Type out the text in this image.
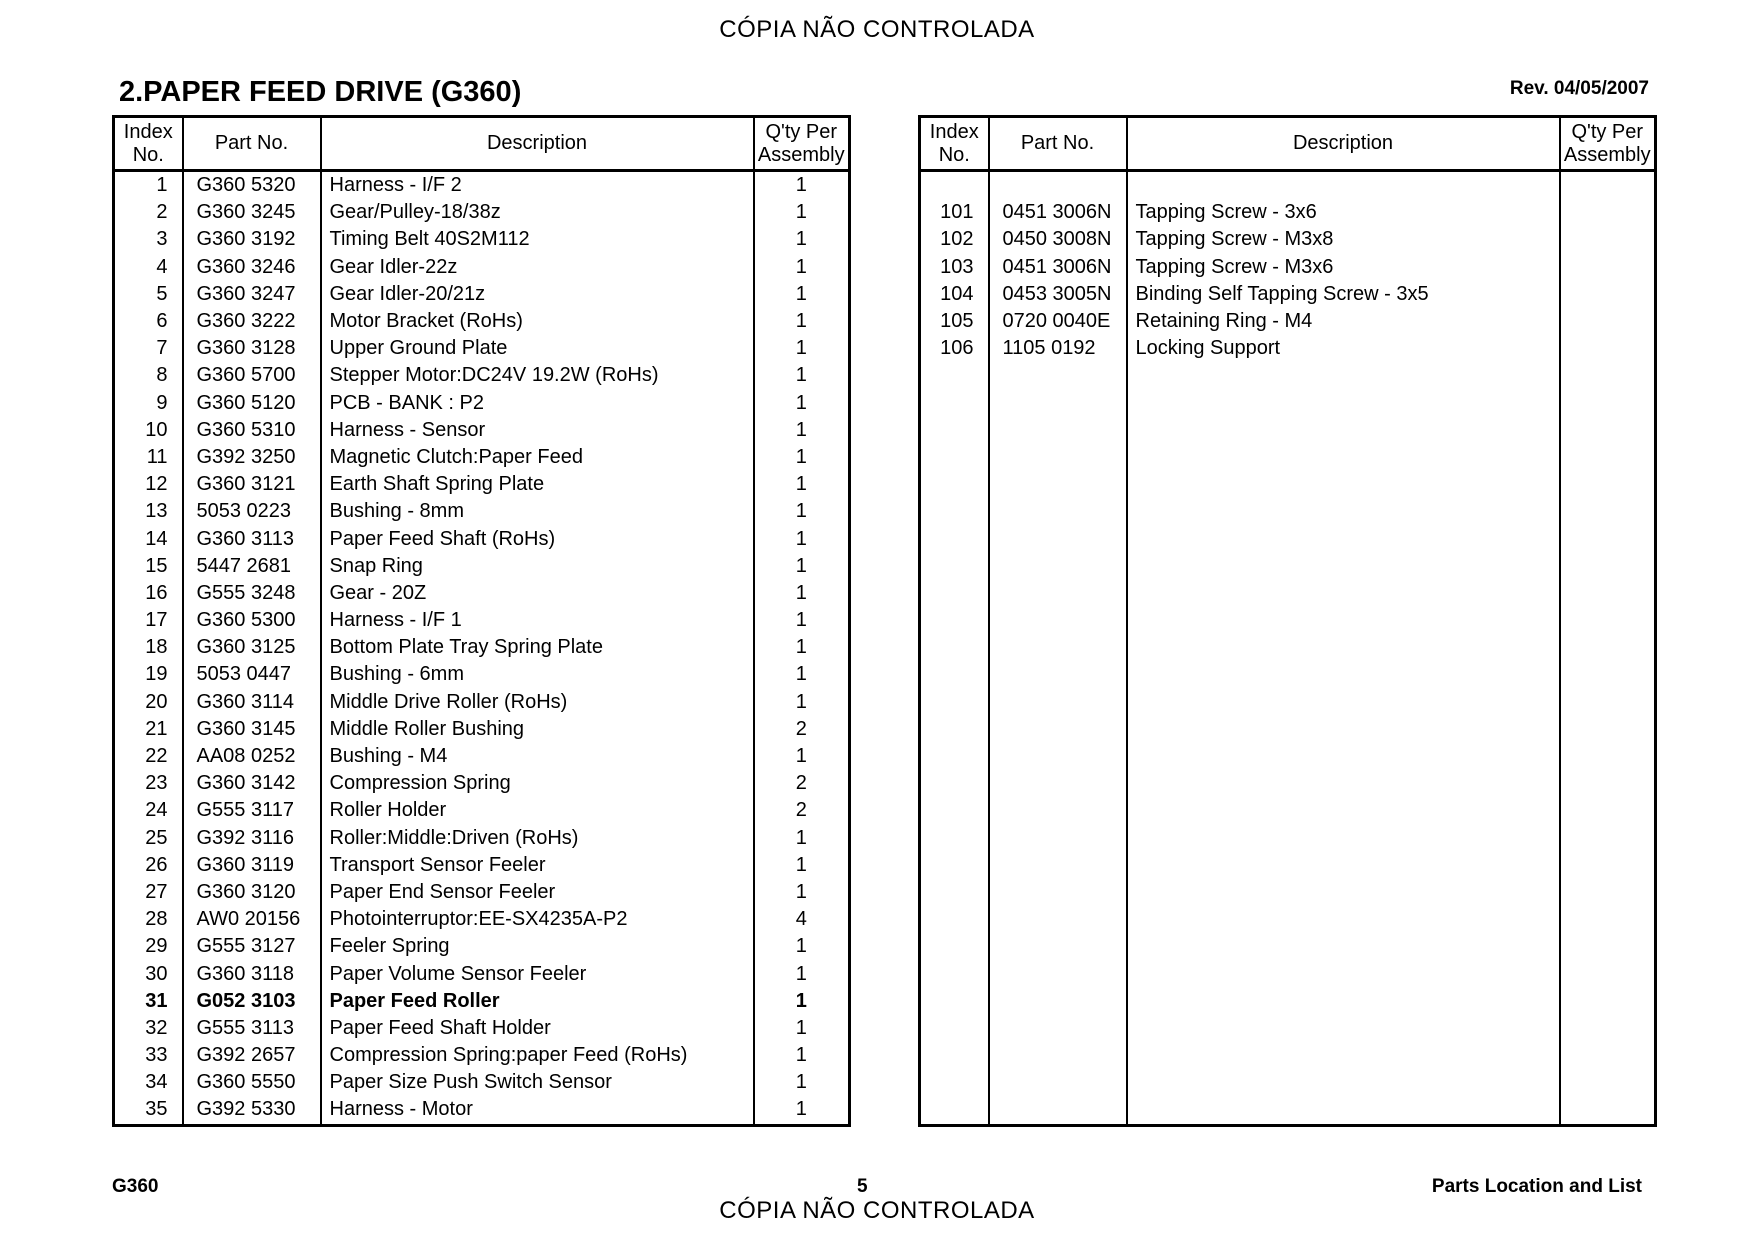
CÓPIA NÃO CONTROLADA
2.PAPER FEED DRIVE (G360)	Rev. 04/05/2007
Index
No.	Part No.	Description	Q'ty Per
Assembly
1	G360 5320	Harness - I/F 2	1
2	G360 3245	Gear/Pulley-18/38z	1
3	G360 3192	Timing Belt 40S2M112	1
4	G360 3246	Gear Idler-22z	1
5	G360 3247	Gear Idler-20/21z	1
6	G360 3222	Motor Bracket (RoHs)	1
7	G360 3128	Upper Ground Plate	1
8	G360 5700	Stepper Motor:DC24V 19.2W (RoHs)	1
9	G360 5120	PCB - BANK : P2	1
10	G360 5310	Harness - Sensor	1
11	G392 3250	Magnetic Clutch:Paper Feed	1
12	G360 3121	Earth Shaft Spring Plate	1
13	5053 0223	Bushing - 8mm	1
14	G360 3113	Paper Feed Shaft (RoHs)	1
15	5447 2681	Snap Ring	1
16	G555 3248	Gear - 20Z	1
17	G360 5300	Harness - I/F 1	1
18	G360 3125	Bottom Plate Tray Spring Plate	1
19	5053 0447	Bushing - 6mm	1
20	G360 3114	Middle Drive Roller (RoHs)	1
21	G360 3145	Middle Roller Bushing	2
22	AA08 0252	Bushing - M4	1
23	G360 3142	Compression Spring	2
24	G555 3117	Roller Holder	2
25	G392 3116	Roller:Middle:Driven (RoHs)	1
26	G360 3119	Transport Sensor Feeler	1
27	G360 3120	Paper End Sensor Feeler	1
28	AW0 20156	Photointerruptor:EE-SX4235A-P2	4
29	G555 3127	Feeler Spring	1
30	G360 3118	Paper Volume Sensor Feeler	1
31	G052 3103	Paper Feed Roller	1
32	G555 3113	Paper Feed Shaft Holder	1
33	G392 2657	Compression Spring:paper Feed (RoHs)	1
34	G360 5550	Paper Size Push Switch Sensor	1
35	G392 5330	Harness - Motor	1
Index
No.	Part No.	Description	Q'ty Per
Assembly

101	0451 3006N	Tapping Screw - 3x6	
102	0450 3008N	Tapping Screw - M3x8	
103	0451 3006N	Tapping Screw - M3x6	
104	0453 3005N	Binding Self Tapping Screw - 3x5	
105	0720 0040E	Retaining Ring - M4	
106	1105 0192	Locking Support	

G360	5	Parts Location and List
CÓPIA NÃO CONTROLADA
